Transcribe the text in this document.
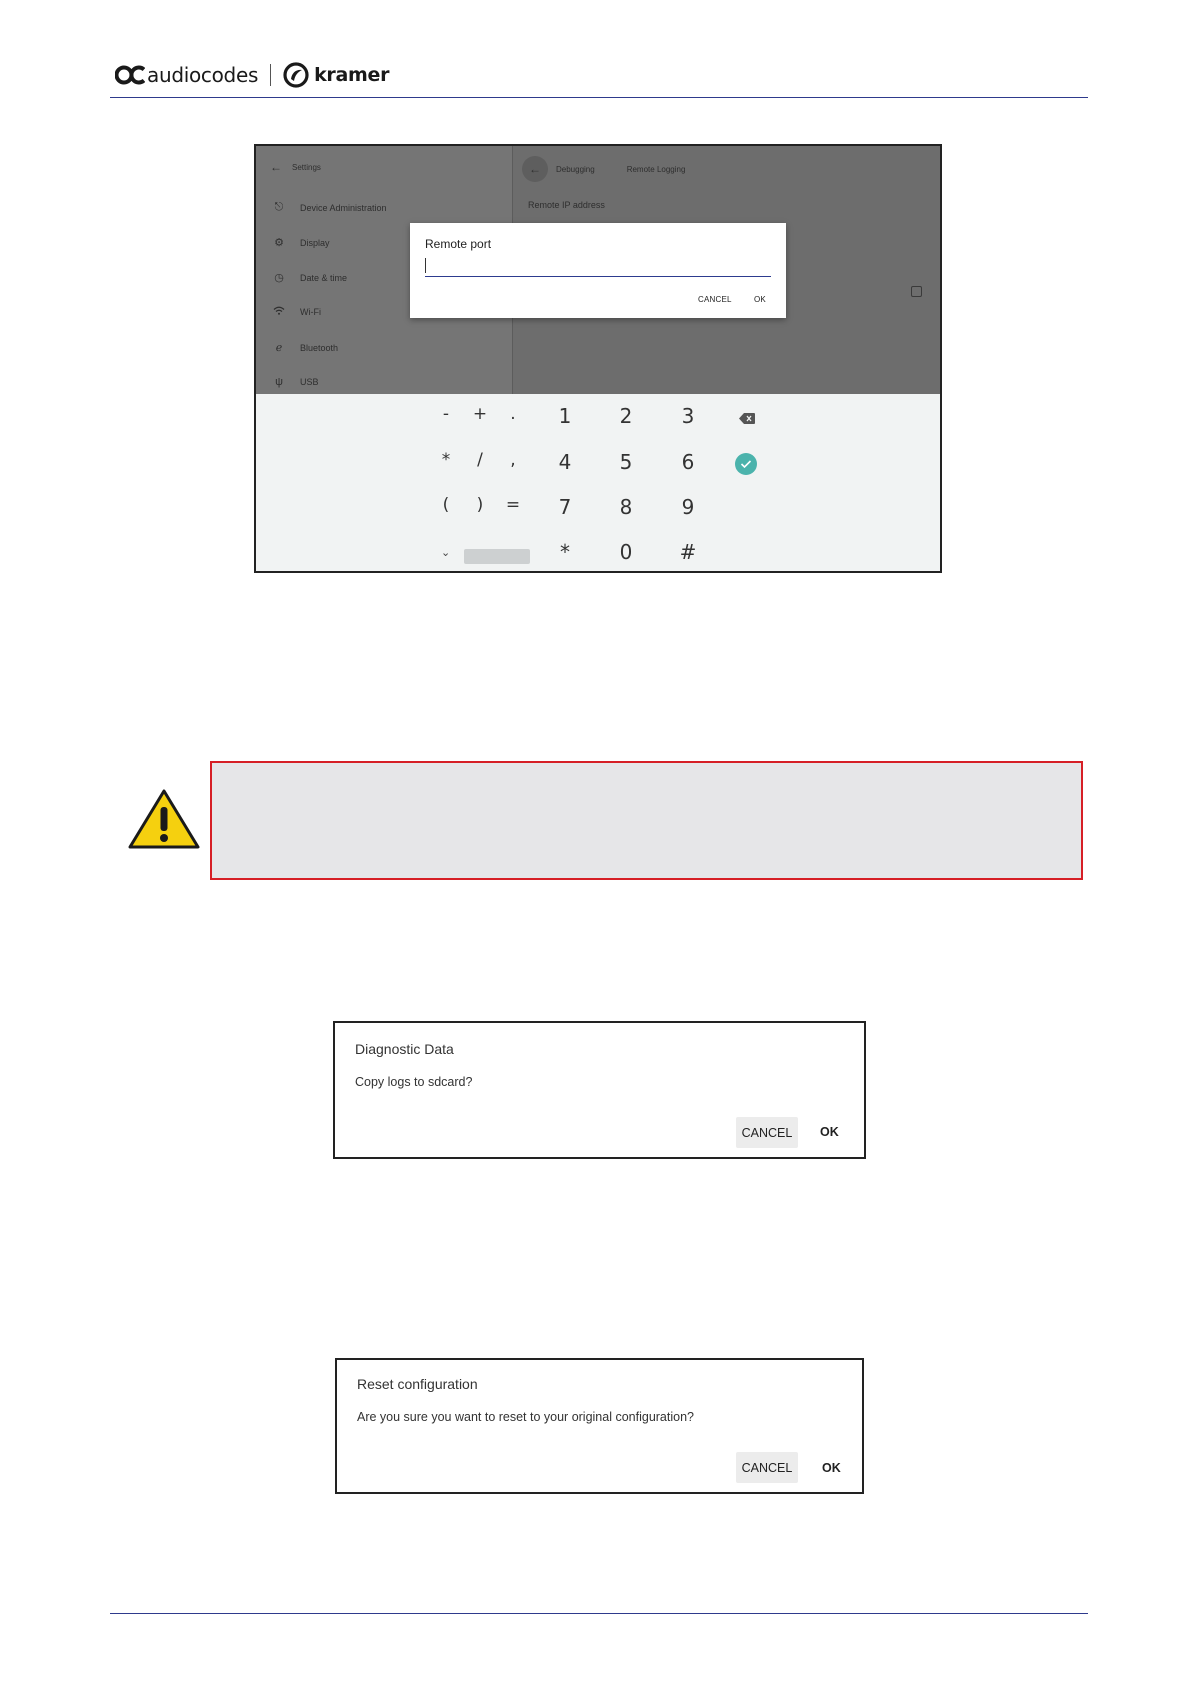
audiocodes	kramer
← Settings
⎋	Device Administration
⚙	Display
◷	Date & time
Wi-Fi
ℯ	Bluetooth
ψ	USB
←	Debugging	Remote Logging
Remote IP address
Remote port
CANCEL	OK
-	+	.	1	2	3
*	/	,	4	5	6
(	)	=	7	8	9
⌄	*	0	#
Diagnostic Data
Copy logs to sdcard?
CANCEL	OK
Reset configuration
Are you sure you want to reset to your original configuration?
CANCEL	OK
